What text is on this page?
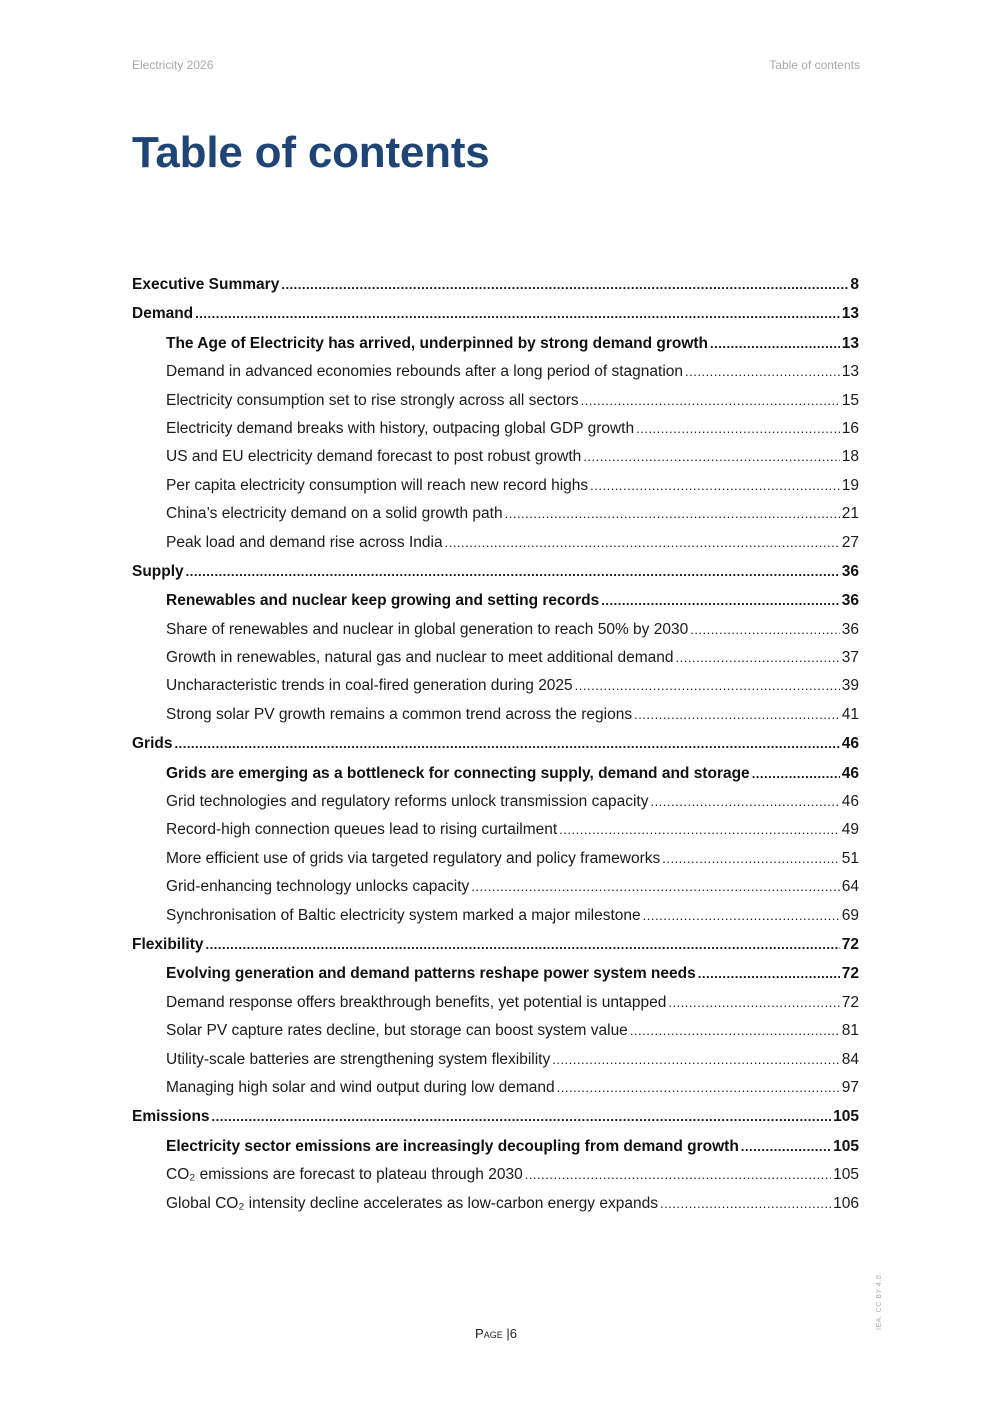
Electricity 2026	Table of contents
Table of contents
Executive Summary .....	8
Demand .....	13
The Age of Electricity has arrived, underpinned by strong demand growth .....	13
Demand in advanced economies rebounds after a long period of stagnation .....	13
Electricity consumption set to rise strongly across all sectors .....	15
Electricity demand breaks with history, outpacing global GDP growth .....	16
US and EU electricity demand forecast to post robust growth .....	18
Per capita electricity consumption will reach new record highs .....	19
China’s electricity demand on a solid growth path .....	21
Peak load and demand rise across India .....	27
Supply .....	36
Renewables and nuclear keep growing and setting records .....	36
Share of renewables and nuclear in global generation to reach 50% by 2030 .....	36
Growth in renewables, natural gas and nuclear to meet additional demand .....	37
Uncharacteristic trends in coal-fired generation during 2025 .....	39
Strong solar PV growth remains a common trend across the regions .....	41
Grids .....	46
Grids are emerging as a bottleneck for connecting supply, demand and storage .....	46
Grid technologies and regulatory reforms unlock transmission capacity .....	46
Record-high connection queues lead to rising curtailment .....	49
More efficient use of grids via targeted regulatory and policy frameworks .....	51
Grid-enhancing technology unlocks capacity .....	64
Synchronisation of Baltic electricity system marked a major milestone .....	69
Flexibility .....	72
Evolving generation and demand patterns reshape power system needs .....	72
Demand response offers breakthrough benefits, yet potential is untapped .....	72
Solar PV capture rates decline, but storage can boost system value .....	81
Utility-scale batteries are strengthening system flexibility .....	84
Managing high solar and wind output during low demand .....	97
Emissions .....	105
Electricity sector emissions are increasingly decoupling from demand growth .....	105
CO₂ emissions are forecast to plateau through 2030 .....	105
Global CO₂ intensity decline accelerates as low-carbon energy expands .....	106
Page |6
IEA. CC BY 4.0.
